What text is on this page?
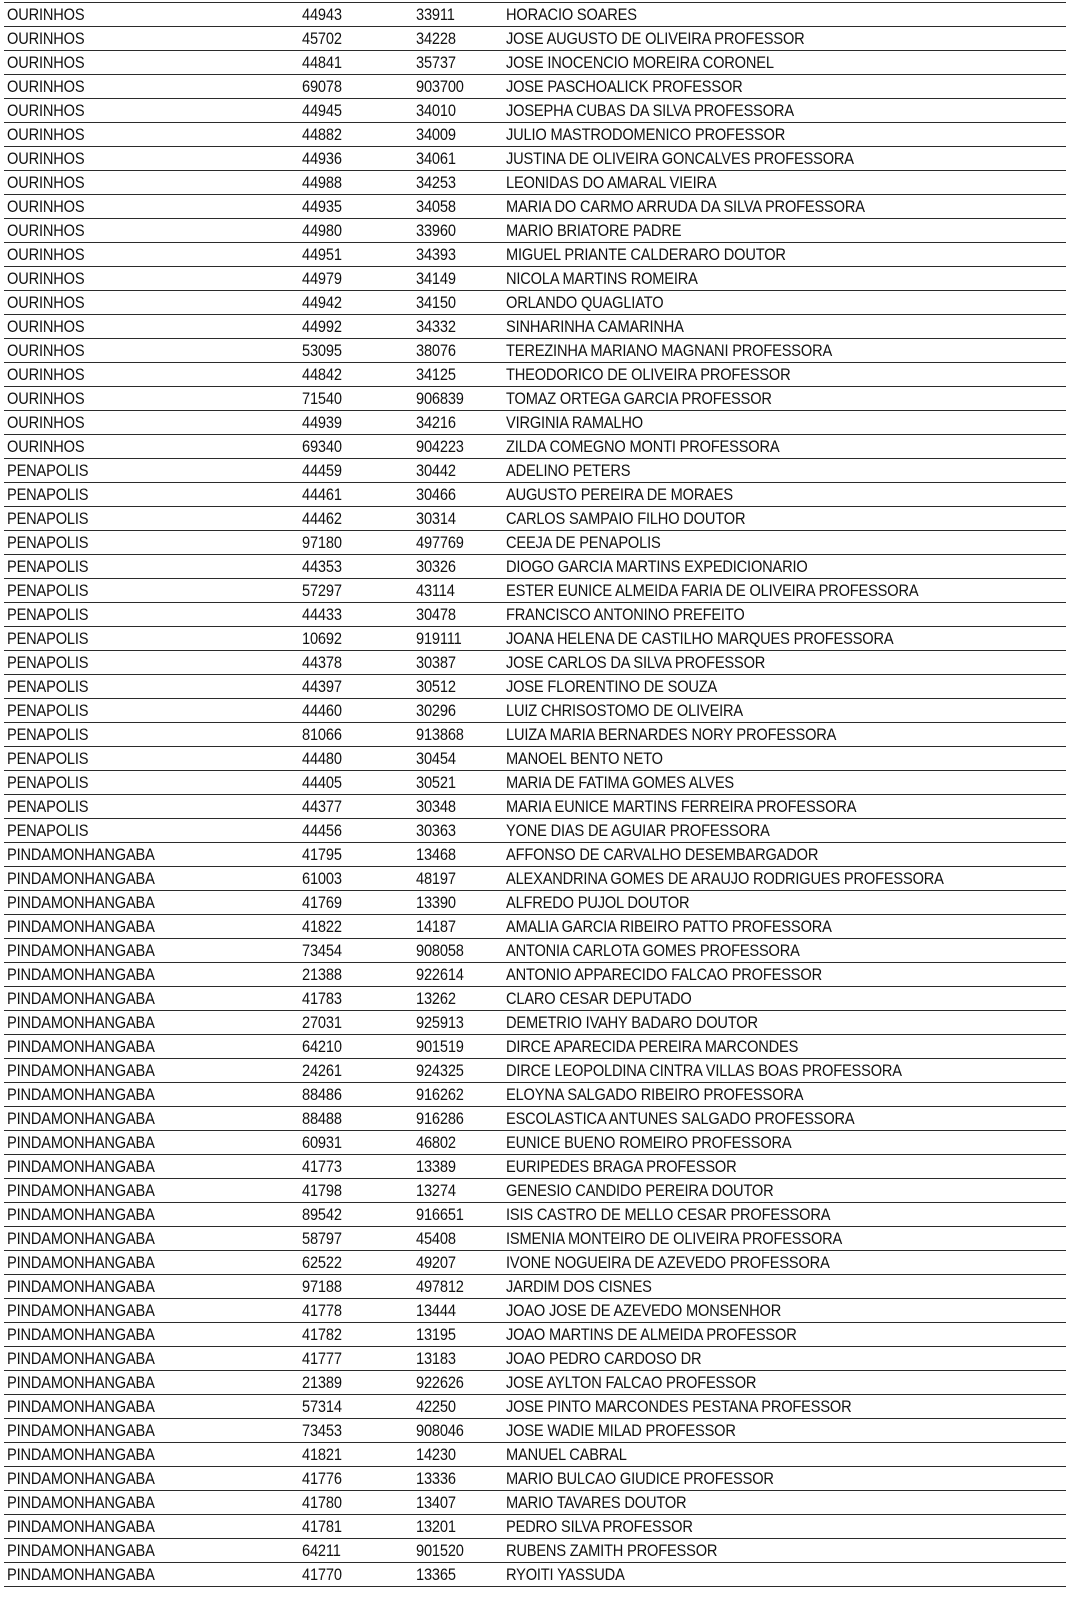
OURINHOS	44943	33911	HORACIO SOARES
OURINHOS	45702	34228	JOSE AUGUSTO DE OLIVEIRA PROFESSOR
OURINHOS	44841	35737	JOSE INOCENCIO MOREIRA CORONEL
OURINHOS	69078	903700	JOSE PASCHOALICK PROFESSOR
OURINHOS	44945	34010	JOSEPHA CUBAS DA SILVA PROFESSORA
OURINHOS	44882	34009	JULIO MASTRODOMENICO PROFESSOR
OURINHOS	44936	34061	JUSTINA DE OLIVEIRA GONCALVES PROFESSORA
OURINHOS	44988	34253	LEONIDAS DO AMARAL VIEIRA
OURINHOS	44935	34058	MARIA DO CARMO ARRUDA DA SILVA PROFESSORA
OURINHOS	44980	33960	MARIO BRIATORE PADRE
OURINHOS	44951	34393	MIGUEL PRIANTE CALDERARO DOUTOR
OURINHOS	44979	34149	NICOLA MARTINS ROMEIRA
OURINHOS	44942	34150	ORLANDO QUAGLIATO
OURINHOS	44992	34332	SINHARINHA CAMARINHA
OURINHOS	53095	38076	TEREZINHA MARIANO MAGNANI PROFESSORA
OURINHOS	44842	34125	THEODORICO DE OLIVEIRA PROFESSOR
OURINHOS	71540	906839	TOMAZ ORTEGA GARCIA PROFESSOR
OURINHOS	44939	34216	VIRGINIA RAMALHO
OURINHOS	69340	904223	ZILDA COMEGNO MONTI PROFESSORA
PENAPOLIS	44459	30442	ADELINO PETERS
PENAPOLIS	44461	30466	AUGUSTO PEREIRA DE MORAES
PENAPOLIS	44462	30314	CARLOS SAMPAIO FILHO DOUTOR
PENAPOLIS	97180	497769	CEEJA DE PENAPOLIS
PENAPOLIS	44353	30326	DIOGO GARCIA MARTINS EXPEDICIONARIO
PENAPOLIS	57297	43114	ESTER EUNICE ALMEIDA FARIA DE OLIVEIRA PROFESSORA
PENAPOLIS	44433	30478	FRANCISCO ANTONINO PREFEITO
PENAPOLIS	10692	919111	JOANA HELENA DE CASTILHO MARQUES PROFESSORA
PENAPOLIS	44378	30387	JOSE CARLOS DA SILVA PROFESSOR
PENAPOLIS	44397	30512	JOSE FLORENTINO DE SOUZA
PENAPOLIS	44460	30296	LUIZ CHRISOSTOMO DE OLIVEIRA
PENAPOLIS	81066	913868	LUIZA MARIA BERNARDES NORY PROFESSORA
PENAPOLIS	44480	30454	MANOEL BENTO NETO
PENAPOLIS	44405	30521	MARIA DE FATIMA GOMES ALVES
PENAPOLIS	44377	30348	MARIA EUNICE MARTINS FERREIRA PROFESSORA
PENAPOLIS	44456	30363	YONE DIAS DE AGUIAR PROFESSORA
PINDAMONHANGABA	41795	13468	AFFONSO DE CARVALHO DESEMBARGADOR
PINDAMONHANGABA	61003	48197	ALEXANDRINA GOMES DE ARAUJO RODRIGUES PROFESSORA
PINDAMONHANGABA	41769	13390	ALFREDO PUJOL DOUTOR
PINDAMONHANGABA	41822	14187	AMALIA GARCIA RIBEIRO PATTO PROFESSORA
PINDAMONHANGABA	73454	908058	ANTONIA CARLOTA GOMES PROFESSORA
PINDAMONHANGABA	21388	922614	ANTONIO APPARECIDO FALCAO PROFESSOR
PINDAMONHANGABA	41783	13262	CLARO CESAR DEPUTADO
PINDAMONHANGABA	27031	925913	DEMETRIO IVAHY BADARO DOUTOR
PINDAMONHANGABA	64210	901519	DIRCE APARECIDA PEREIRA MARCONDES
PINDAMONHANGABA	24261	924325	DIRCE LEOPOLDINA CINTRA VILLAS BOAS PROFESSORA
PINDAMONHANGABA	88486	916262	ELOYNA SALGADO RIBEIRO PROFESSORA
PINDAMONHANGABA	88488	916286	ESCOLASTICA ANTUNES SALGADO PROFESSORA
PINDAMONHANGABA	60931	46802	EUNICE BUENO ROMEIRO PROFESSORA
PINDAMONHANGABA	41773	13389	EURIPEDES BRAGA PROFESSOR
PINDAMONHANGABA	41798	13274	GENESIO CANDIDO PEREIRA DOUTOR
PINDAMONHANGABA	89542	916651	ISIS CASTRO DE MELLO CESAR PROFESSORA
PINDAMONHANGABA	58797	45408	ISMENIA MONTEIRO DE OLIVEIRA PROFESSORA
PINDAMONHANGABA	62522	49207	IVONE NOGUEIRA DE AZEVEDO PROFESSORA
PINDAMONHANGABA	97188	497812	JARDIM DOS CISNES
PINDAMONHANGABA	41778	13444	JOAO JOSE DE AZEVEDO MONSENHOR
PINDAMONHANGABA	41782	13195	JOAO MARTINS DE ALMEIDA PROFESSOR
PINDAMONHANGABA	41777	13183	JOAO PEDRO CARDOSO DR
PINDAMONHANGABA	21389	922626	JOSE AYLTON FALCAO PROFESSOR
PINDAMONHANGABA	57314	42250	JOSE PINTO MARCONDES PESTANA PROFESSOR
PINDAMONHANGABA	73453	908046	JOSE WADIE MILAD PROFESSOR
PINDAMONHANGABA	41821	14230	MANUEL CABRAL
PINDAMONHANGABA	41776	13336	MARIO BULCAO GIUDICE PROFESSOR
PINDAMONHANGABA	41780	13407	MARIO TAVARES DOUTOR
PINDAMONHANGABA	41781	13201	PEDRO SILVA PROFESSOR
PINDAMONHANGABA	64211	901520	RUBENS ZAMITH PROFESSOR
PINDAMONHANGABA	41770	13365	RYOITI YASSUDA
